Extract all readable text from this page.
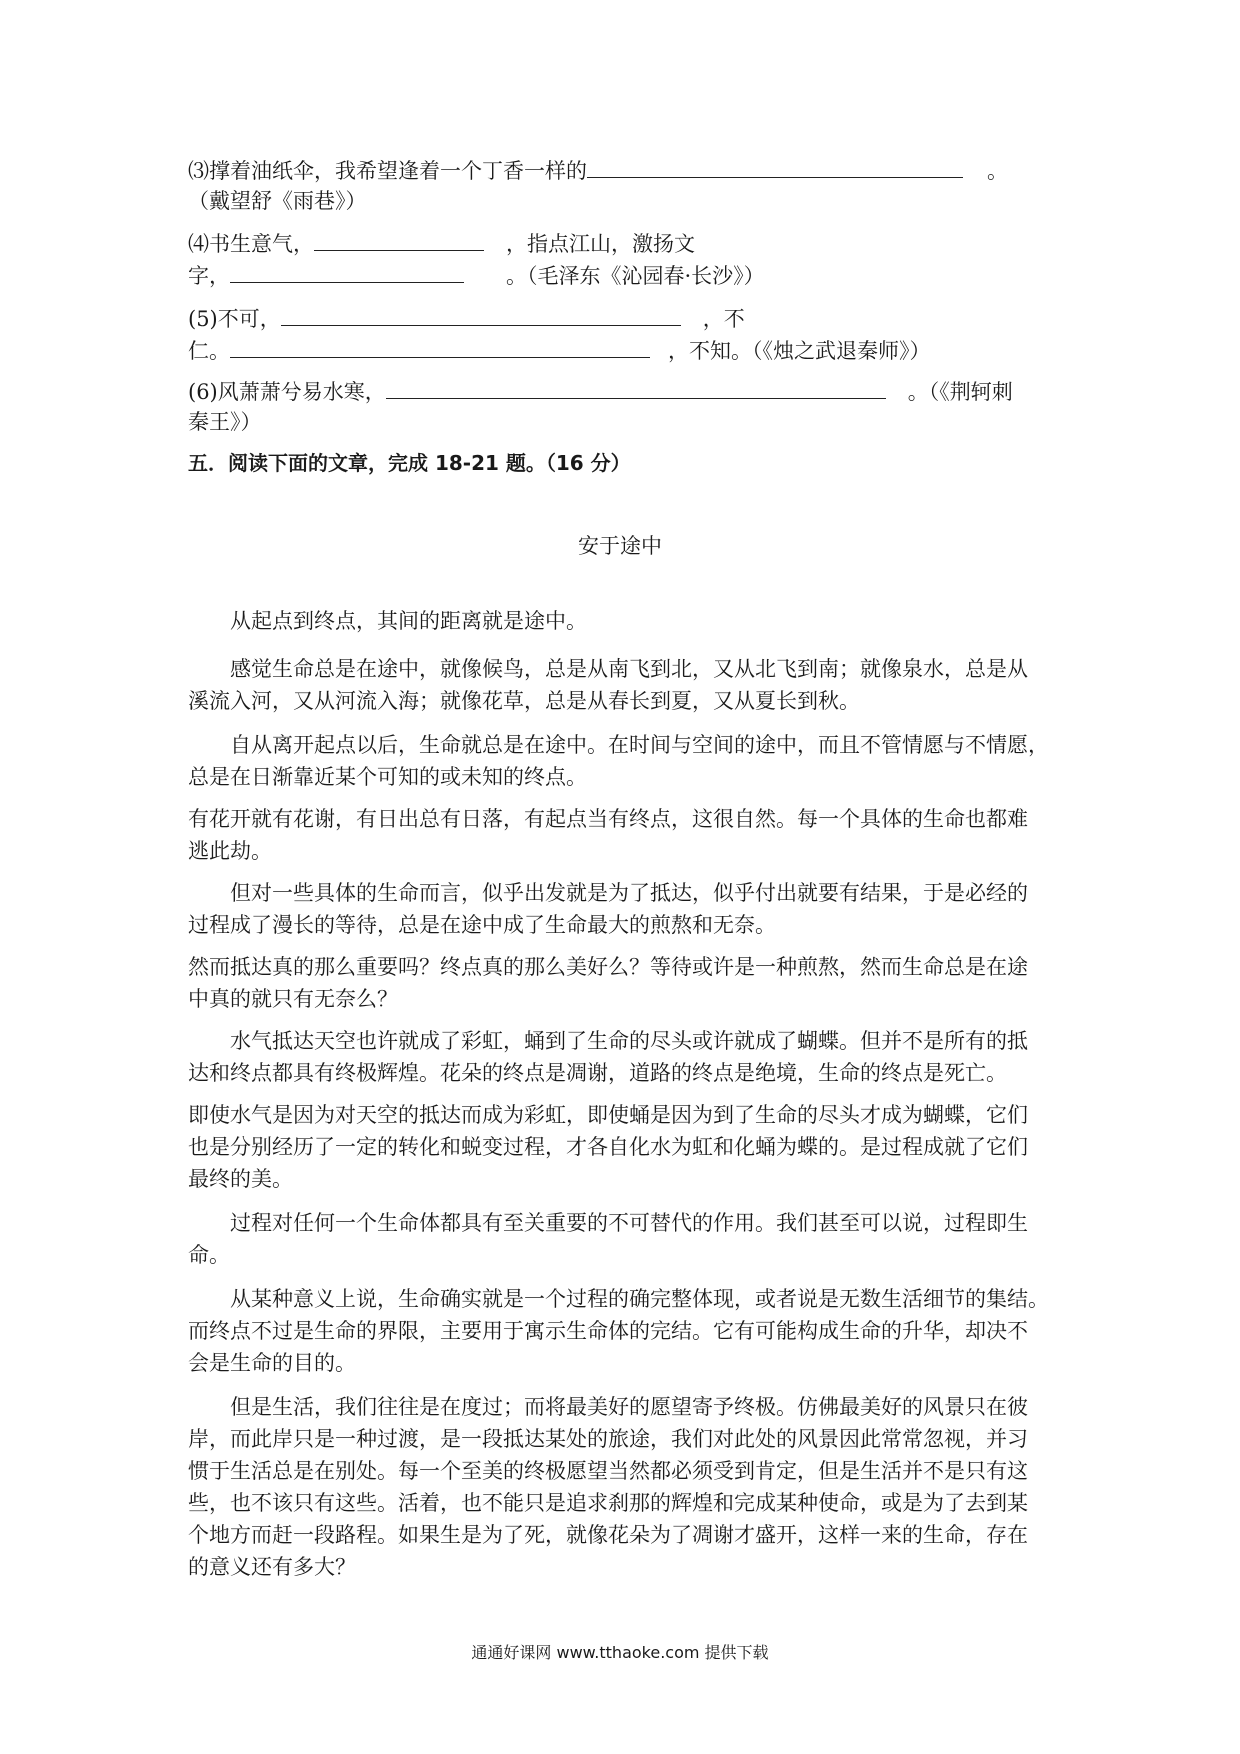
⑶撑着油纸伞，我希望逢着一个丁香一样的	。
（戴望舒《雨巷》）
⑷书生意气，	，指点江山，激扬文
字，	。（毛泽东《沁园春·长沙》）
(5)不可，	，不
仁。	，不知。（《烛之武退秦师》）
(6)风萧萧兮易水寒，	。（《荆轲刺
秦王》）
五．阅读下面的文章，完成 18-21 题。（16 分）
安于途中
从起点到终点，其间的距离就是途中。
感觉生命总是在途中，就像候鸟，总是从南飞到北，又从北飞到南；就像泉水，总是从
溪流入河，又从河流入海；就像花草，总是从春长到夏，又从夏长到秋。
自从离开起点以后，生命就总是在途中。在时间与空间的途中，而且不管情愿与不情愿，
总是在日渐靠近某个可知的或未知的终点。
有花开就有花谢，有日出总有日落，有起点当有终点，这很自然。每一个具体的生命也都难
逃此劫。
但对一些具体的生命而言，似乎出发就是为了抵达，似乎付出就要有结果，于是必经的
过程成了漫长的等待，总是在途中成了生命最大的煎熬和无奈。
然而抵达真的那么重要吗？终点真的那么美好么？等待或许是一种煎熬，然而生命总是在途
中真的就只有无奈么？
水气抵达天空也许就成了彩虹，蛹到了生命的尽头或许就成了蝴蝶。但并不是所有的抵
达和终点都具有终极辉煌。花朵的终点是凋谢，道路的终点是绝境，生命的终点是死亡。
即使水气是因为对天空的抵达而成为彩虹，即使蛹是因为到了生命的尽头才成为蝴蝶，它们
也是分别经历了一定的转化和蜕变过程，才各自化水为虹和化蛹为蝶的。是过程成就了它们
最终的美。
过程对任何一个生命体都具有至关重要的不可替代的作用。我们甚至可以说，过程即生
命。
从某种意义上说，生命确实就是一个过程的确完整体现，或者说是无数生活细节的集结。
而终点不过是生命的界限，主要用于寓示生命体的完结。它有可能构成生命的升华，却决不
会是生命的目的。
但是生活，我们往往是在度过；而将最美好的愿望寄予终极。仿佛最美好的风景只在彼
岸，而此岸只是一种过渡，是一段抵达某处的旅途，我们对此处的风景因此常常忽视，并习
惯于生活总是在别处。每一个至美的终极愿望当然都必须受到肯定，但是生活并不是只有这
些，也不该只有这些。活着，也不能只是追求刹那的辉煌和完成某种使命，或是为了去到某
个地方而赶一段路程。如果生是为了死，就像花朵为了凋谢才盛开，这样一来的生命，存在
的意义还有多大？
通通好课网 www.tthaoke.com 提供下载
